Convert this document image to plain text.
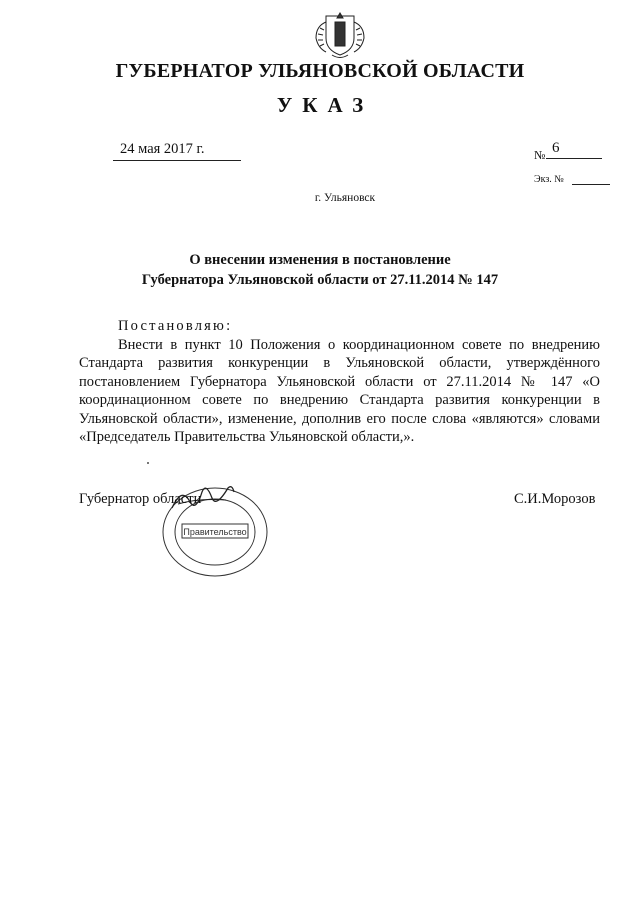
ГУБЕРНАТОР УЛЬЯНОВСКОЙ ОБЛАСТИ
УКАЗ
24 мая 2017 г.	№ 6
Экз. №
г. Ульяновск
О внесении изменения в постановление
Губернатора Ульяновской области от 27.11.2014 № 147
Постановляю:

Внести в пункт 10 Положения о координационном совете по внедрению Стандарта развития конкуренции в Ульяновской области, утверждённого постановлением Губернатора Ульяновской области от 27.11.2014 № 147 «О координационном совете по внедрению Стандарта развития конкуренции в Ульяновской области», изменение, дополнив его после слова «являются» словами «Председатель Правительства Ульяновской области,».

Правительство
Губернатор области	С.И.Морозов
